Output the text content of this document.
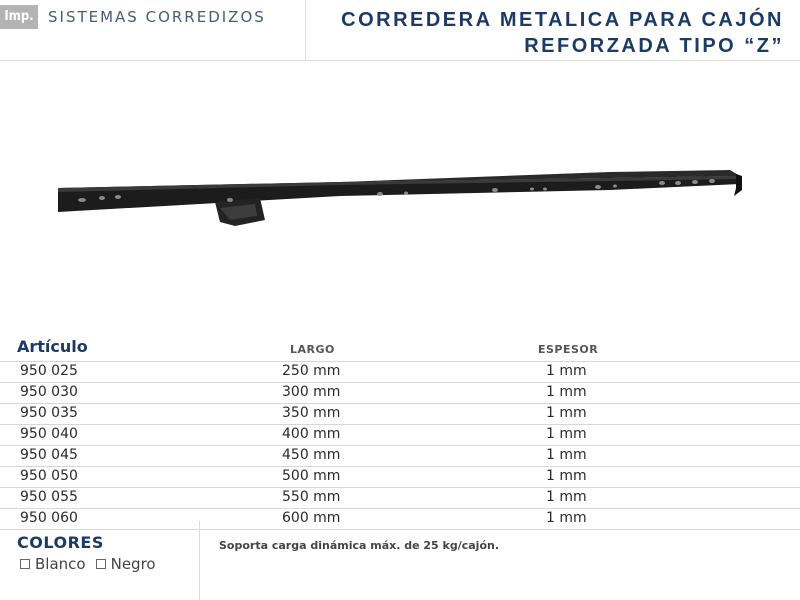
Imp. SISTEMAS CORREDIZOS	CORREDERA METALICA PARA CAJÓN
REFORZADA TIPO “Z”
Artículo	LARGO	ESPESOR
950 025	250 mm	1 mm
950 030	300 mm	1 mm
950 035	350 mm	1 mm
950 040	400 mm	1 mm
950 045	450 mm	1 mm
950 050	500 mm	1 mm
950 055	550 mm	1 mm
950 060	600 mm	1 mm
COLORES
Blanco Negro
Soporta carga dinámica máx. de 25 kg/cajón.
